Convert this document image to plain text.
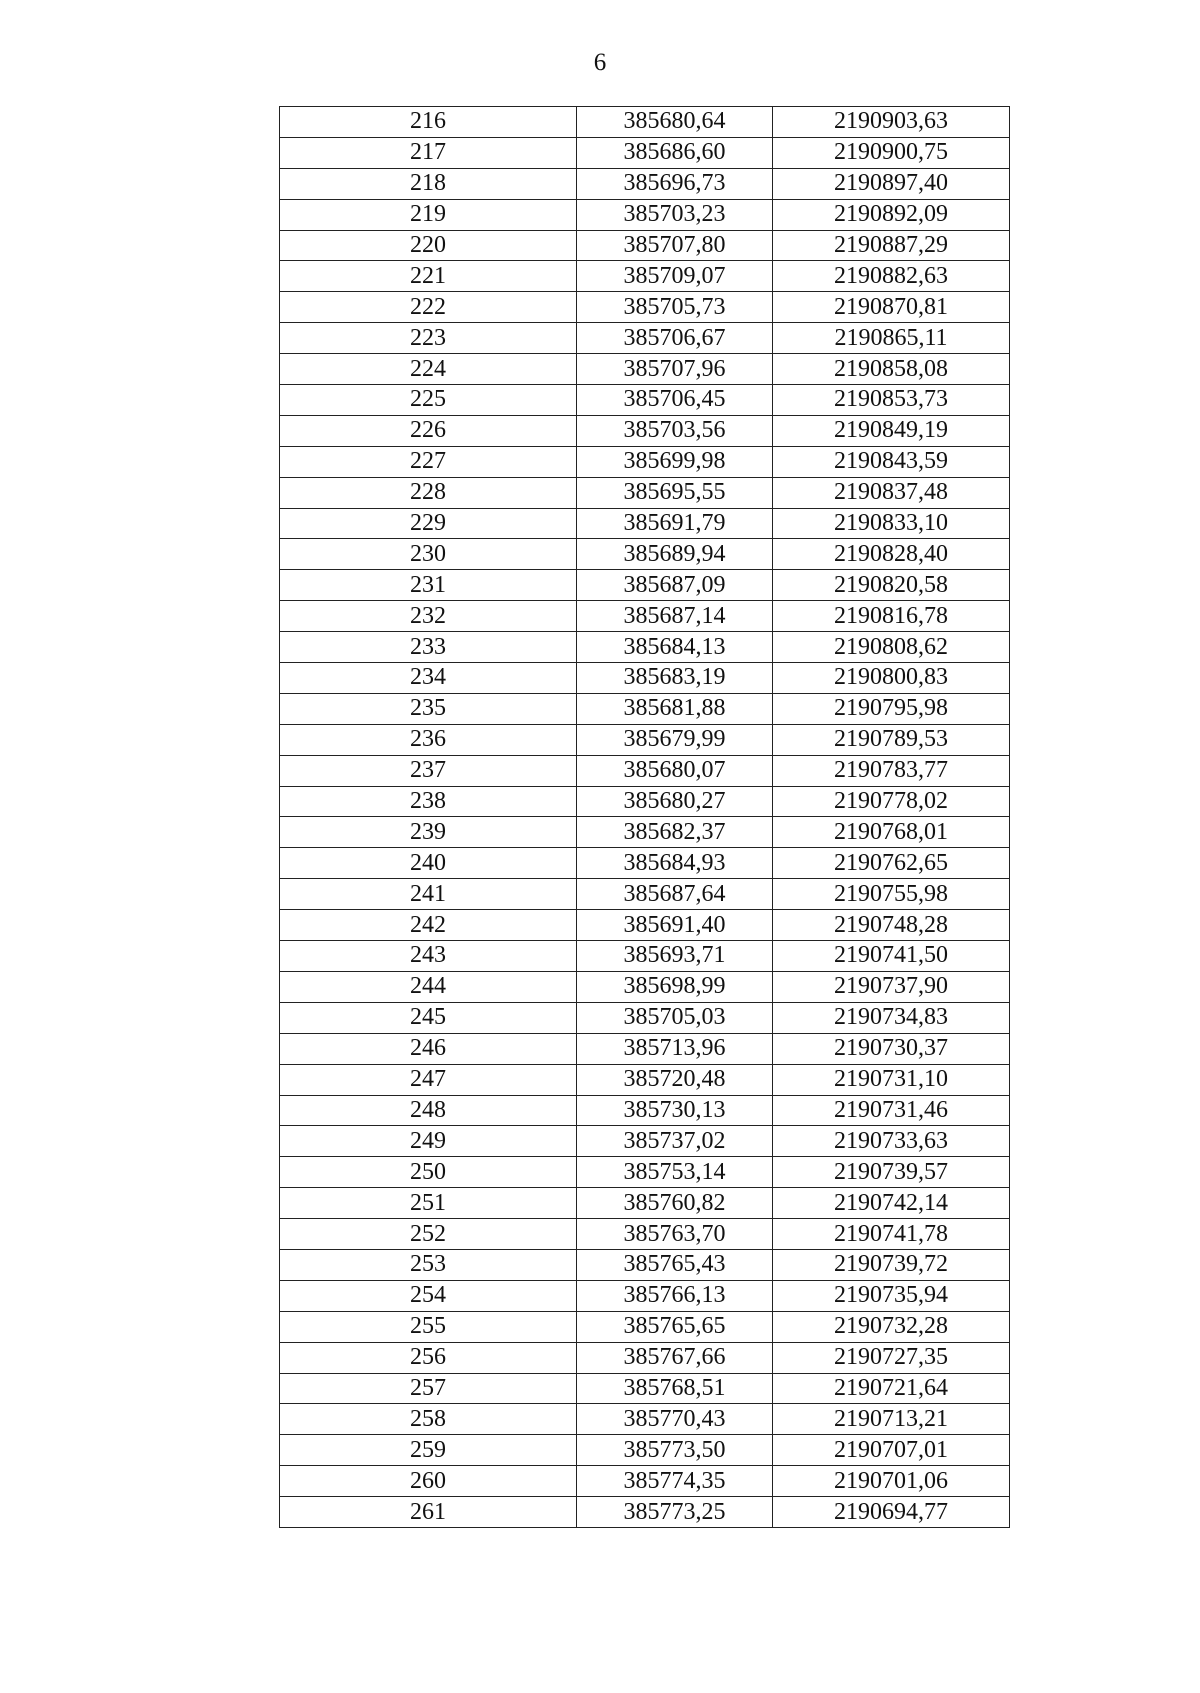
6
216	385680,64	2190903,63
217	385686,60	2190900,75
218	385696,73	2190897,40
219	385703,23	2190892,09
220	385707,80	2190887,29
221	385709,07	2190882,63
222	385705,73	2190870,81
223	385706,67	2190865,11
224	385707,96	2190858,08
225	385706,45	2190853,73
226	385703,56	2190849,19
227	385699,98	2190843,59
228	385695,55	2190837,48
229	385691,79	2190833,10
230	385689,94	2190828,40
231	385687,09	2190820,58
232	385687,14	2190816,78
233	385684,13	2190808,62
234	385683,19	2190800,83
235	385681,88	2190795,98
236	385679,99	2190789,53
237	385680,07	2190783,77
238	385680,27	2190778,02
239	385682,37	2190768,01
240	385684,93	2190762,65
241	385687,64	2190755,98
242	385691,40	2190748,28
243	385693,71	2190741,50
244	385698,99	2190737,90
245	385705,03	2190734,83
246	385713,96	2190730,37
247	385720,48	2190731,10
248	385730,13	2190731,46
249	385737,02	2190733,63
250	385753,14	2190739,57
251	385760,82	2190742,14
252	385763,70	2190741,78
253	385765,43	2190739,72
254	385766,13	2190735,94
255	385765,65	2190732,28
256	385767,66	2190727,35
257	385768,51	2190721,64
258	385770,43	2190713,21
259	385773,50	2190707,01
260	385774,35	2190701,06
261	385773,25	2190694,77
